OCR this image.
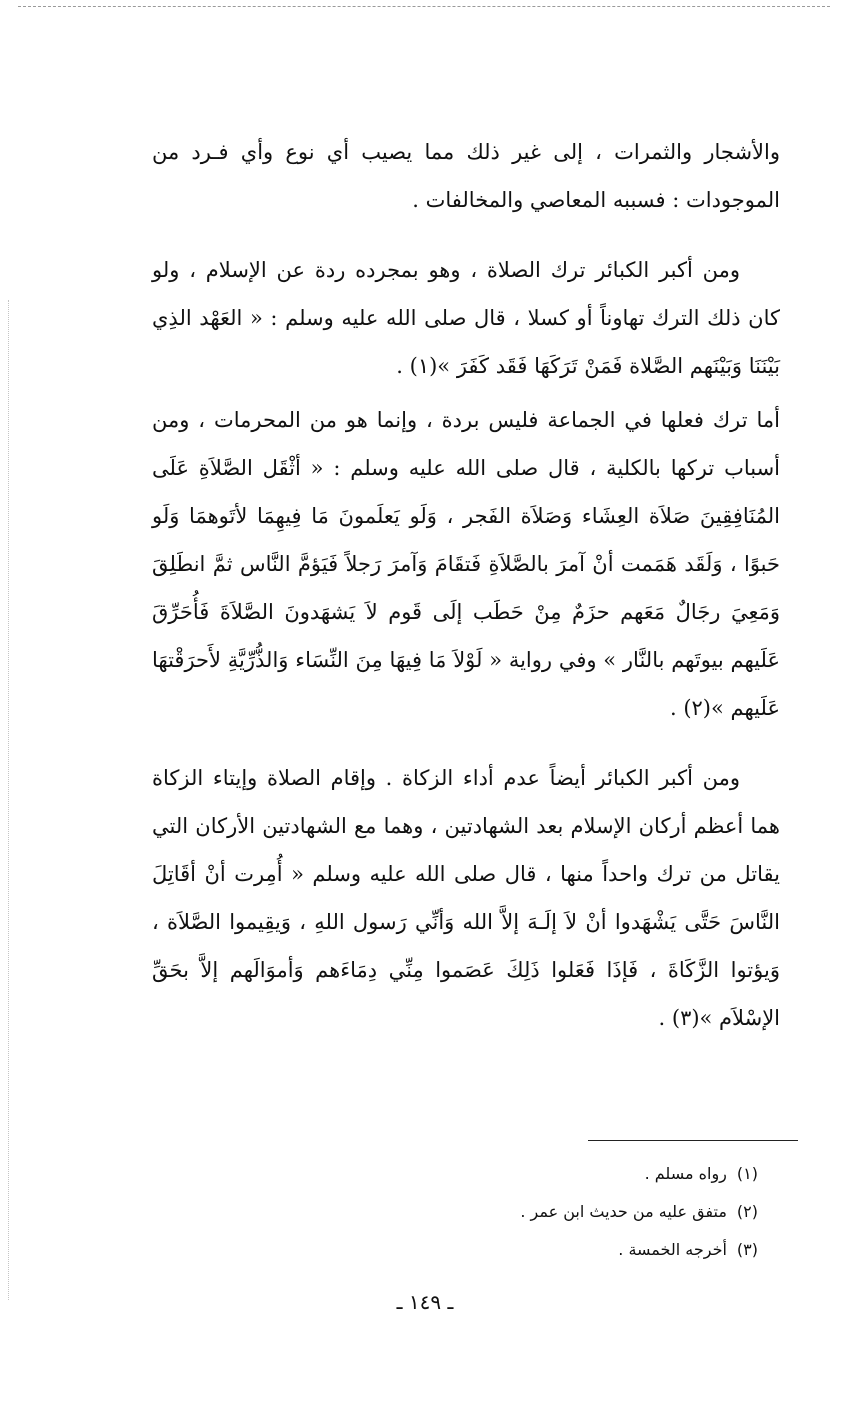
والأشجار والثمرات ، إلى غير ذلك مما يصيب أي نوع وأي فـرد من الموجودات : فسببه المعاصي والمخالفات .

ومن أكبر الكبائر ترك الصلاة ، وهو بمجرده ردة عن الإسلام ، ولو كان ذلك الترك تهاوناً أو كسلا ، قال صلى الله عليه وسلم : « العَهْد الذِي بَيْنَنَا وَبَيْنَهم الصَّلاة فَمَنْ تَرَكَهَا فَقَد كَفَرَ »(١) .

أما ترك فعلها في الجماعة فليس بردة ، وإنما هو من المحرمات ، ومن أسباب تركها بالكلية ، قال صلى الله عليه وسلم : « أثْقَل الصَّلاَةِ عَلَى المُنَافِقِينَ صَلاَة العِشَاء وَصَلاَة الفَجر ، وَلَو يَعلَمونَ مَا فِيهِمَا لأتَوهمَا وَلَو حَبوًا ، وَلَقَد هَمَمت أنْ آمرَ بالصَّلاَةِ فَتقَامَ وَآمرَ رَجلاً فَيَؤمَّ النَّاس ثمَّ انطَلِقَ وَمَعِيَ رجَالٌ مَعَهم حزَمٌ مِنْ حَطَب إلَى قَوم لاَ يَشهَدونَ الصَّلاَةَ فَأُحَرِّقَ عَلَيهم بيوتَهم بالنَّار » وفي رواية « لَوْلاَ مَا فِيهَا مِنَ النِّسَاء وَالذُّرِّيَّةِ لأَحرَقْتهَا عَلَيهم »(٢) .

ومن أكبر الكبائر أيضاً عدم أداء الزكاة . وإقام الصلاة وإيتاء الزكاة هما أعظم أركان الإسلام بعد الشهادتين ، وهما مع الشهادتين الأركان التي يقاتل من ترك واحداً منها ، قال صلى الله عليه وسلم « أُمِرت أنْ أقَاتِلَ النَّاسَ حَتَّى يَشْهَدوا أنْ لاَ إلَـهَ إلاَّ الله وَأنِّي رَسول اللهِ ، وَيقِيموا الصَّلاَة ، وَيؤتوا الزَّكَاةَ ، فَإذَا فَعَلوا ذَلِكَ عَصَموا مِنِّي دِمَاءَهم وَأموَالَهم إلاَّ بحَقِّ الإسْلاَم »(٣) .

(١)رواه مسلم .
(٢)متفق عليه من حديث ابن عمر .
(٣)أخرجه الخمسة .
ـ ١٤٩ ـ
